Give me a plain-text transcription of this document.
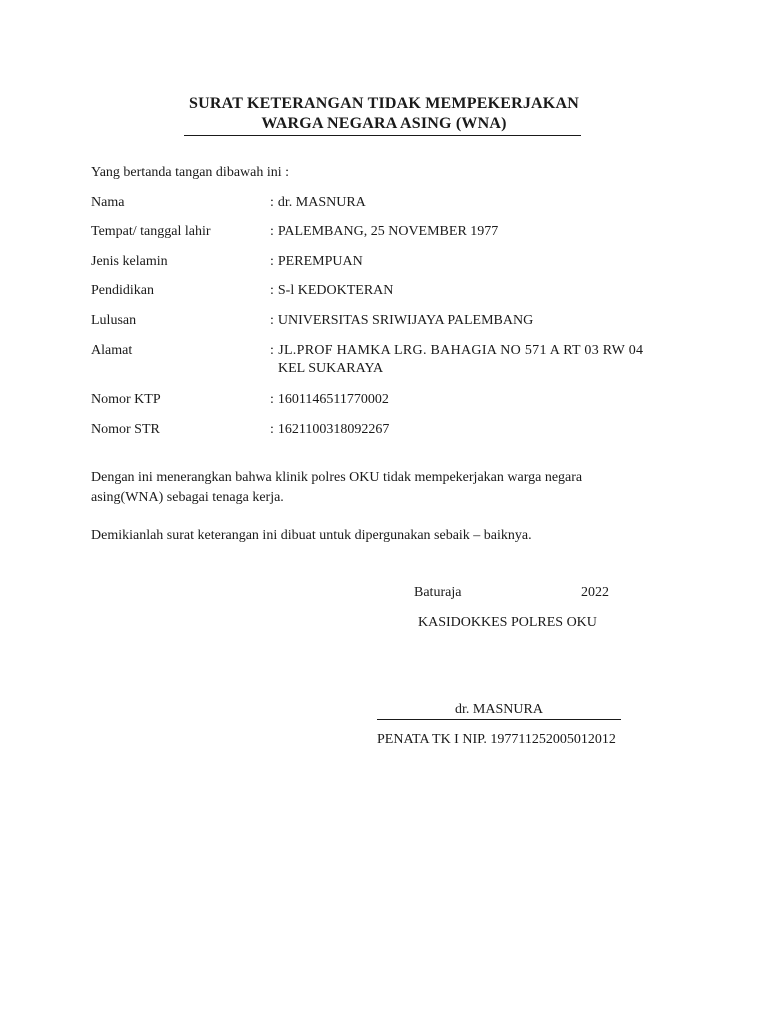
SURAT KETERANGAN TIDAK MEMPEKERJAKAN
WARGA NEGARA ASING (WNA)
Yang bertanda tangan dibawah ini :
Nama	: dr. MASNURA
Tempat/ tanggal lahir	: PALEMBANG, 25 NOVEMBER 1977
Jenis kelamin	: PEREMPUAN
Pendidikan	: S-l KEDOKTERAN
Lulusan	: UNIVERSITAS SRIWIJAYA PALEMBANG
Alamat	: JL.PROF HAMKA LRG. BAHAGIA NO 571 A RT 03 RW 04
KEL SUKARAYA
Nomor KTP	: 1601146511770002
Nomor STR	: 1621100318092267
Dengan ini menerangkan bahwa klinik polres OKU tidak mempekerjakan warga negara asing(WNA) sebagai tenaga kerja.
Demikianlah surat keterangan ini dibuat untuk dipergunakan sebaik – baiknya.
Baturaja	2022
KASIDOKKES POLRES OKU
dr. MASNURA
PENATA TK I NIP. 197711252005012012
